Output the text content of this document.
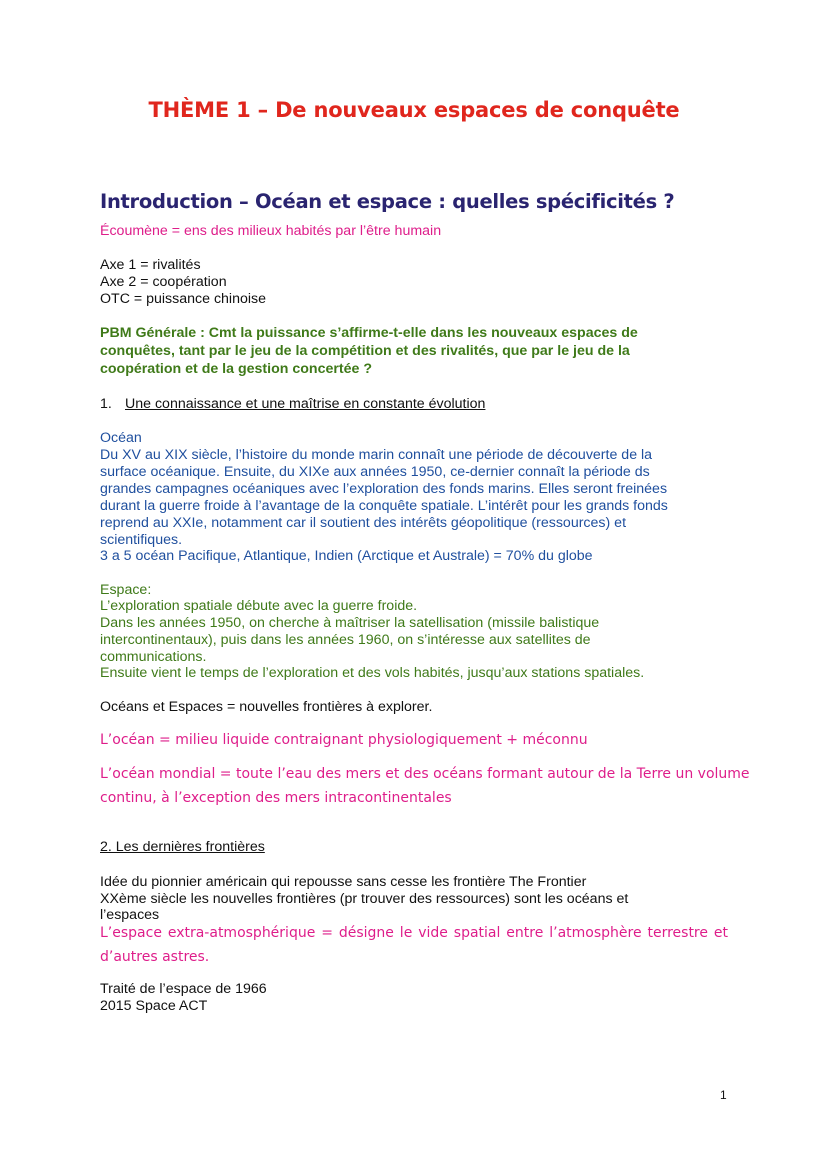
THÈME 1 – De nouveaux espaces de conquête
Introduction – Océan et espace : quelles spécificités ?
Écoumène = ens des milieux habités par l’être humain
Axe 1 = rivalités
Axe 2 = coopération
OTC = puissance chinoise
PBM Générale : Cmt la puissance s’affirme-t-elle dans les nouveaux espaces de
conquêtes, tant par le jeu de la compétition et des rivalités, que par le jeu de la
coopération et de la gestion concertée ?
1. Une connaissance et une maîtrise en constante évolution
Océan
Du XV au XIX siècle, l’histoire du monde marin connaît une période de découverte de la
surface océanique. Ensuite, du XIXe aux années 1950, ce-dernier connaît la période ds
grandes campagnes océaniques avec l’exploration des fonds marins. Elles seront freinées
durant la guerre froide à l’avantage de la conquête spatiale. L’intérêt pour les grands fonds
reprend au XXIe, notamment car il soutient des intérêts géopolitique (ressources) et
scientifiques.
3 a 5 océan Pacifique, Atlantique, Indien (Arctique et Australe) = 70% du globe
Espace:
L’exploration spatiale débute avec la guerre froide.
Dans les années 1950, on cherche à maîtriser la satellisation (missile balistique
intercontinentaux), puis dans les années 1960, on s’intéresse aux satellites de
communications.
Ensuite vient le temps de l’exploration et des vols habités, jusqu’aux stations spatiales.
Océans et Espaces = nouvelles frontières à explorer.
L’océan = milieu liquide contraignant physiologiquement + méconnu
L’océan mondial = toute l’eau des mers et des océans formant autour de la Terre un volume
continu, à l’exception des mers intracontinentales
2. Les dernières frontières
Idée du pionnier américain qui repousse sans cesse les frontière The Frontier
XXème siècle les nouvelles frontières (pr trouver des ressources) sont les océans et
l’espaces
L’espace extra-atmosphérique = désigne le vide spatial entre l’atmosphère terrestre et d’autres astres.
Traité de l’espace de 1966
2015 Space ACT
1
